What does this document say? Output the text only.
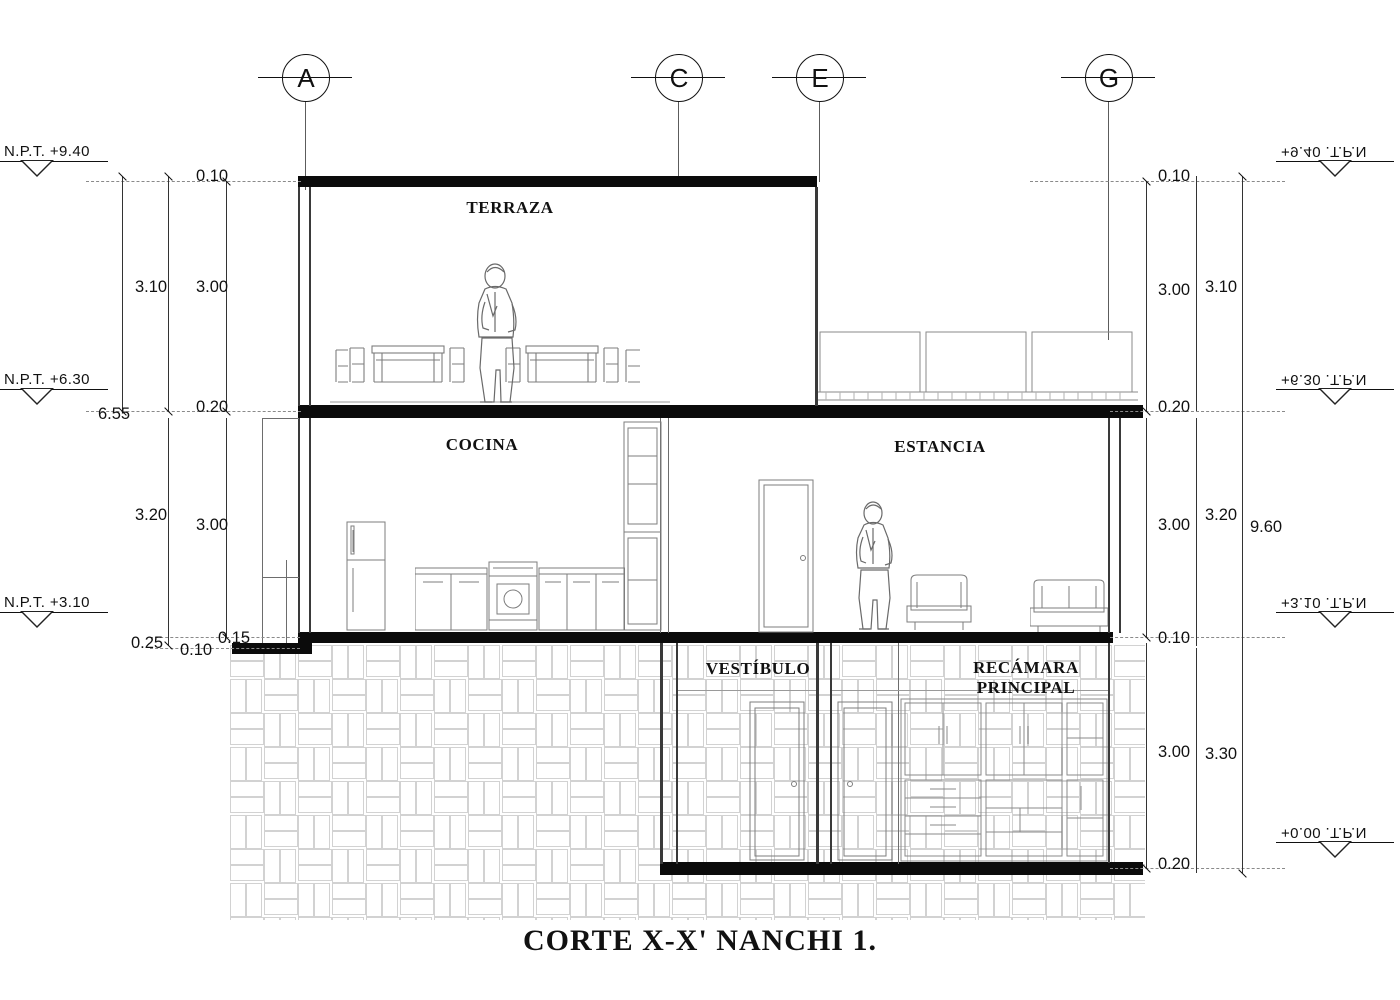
A	C	E	G
TERRAZA
COCINA	ESTANCIA
VESTÍBULO	RECÁMARA PRINCIPAL
N.P.T. +9.40
N.P.T. +6.30
N.P.T. +3.10
+9.40 .T.P.N
+6.30 .T.P.N
+3.10 .T.P.N
+0.00 .T.P.N
0.10
3.10 3.00
0.20
6.55
3.20
3.00
0.25 0.10
0.15
0.10
3.00 3.10
0.20
3.00
3.20
9.60
0.10
3.00 3.30
0.20
CORTE X-X' NANCHI 1.
